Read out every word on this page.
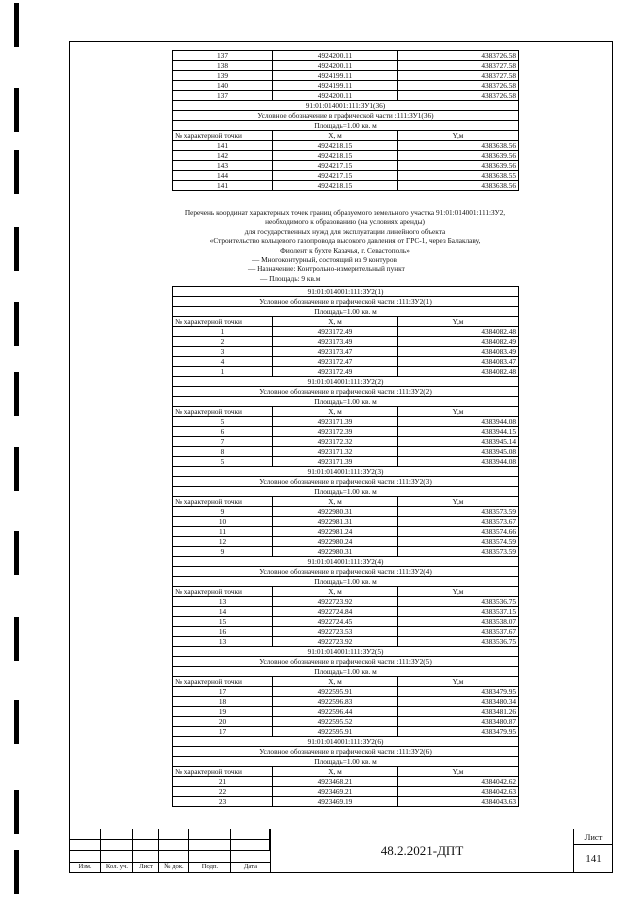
137	4924200.11	4383726.58
138	4924200.11	4383727.58
139	4924199.11	4383727.58
140	4924199.11	4383726.58
137	4924200.11	4383726.58
91:01:014001:111:ЗУ1(36)		
Условное обозначение в графической части :111:ЗУ1(36)		
Площадь=1.00 кв. м		
№ характерной точки	X, м	Y,м
141	4924218.15	4383638.56
142	4924218.15	4383639.56
143	4924217.15	4383639.56
144	4924217.15	4383638.55
141	4924218.15	4383638.56
Перечень координат характерных точек границ образуемого земельного участка 91:01:014001:111:ЗУ2,
необходимого к образованию (на условиях аренды)
для государственных нужд для эксплуатации линейного объекта
«Строительство кольцевого газопровода высокого давления от ГРС-1, через Балаклаву,
Фиолент к бухте Казачья, г. Севастополь»
— Многоконтурный, состоящий из 9 контуров
— Назначение: Контрольно-измерительный пункт
— Площадь: 9 кв.м
91:01:014001:111:ЗУ2(1)		
Условное обозначение в графической части :111:ЗУ2(1)		
Площадь=1.00 кв. м		
№ характерной точки	X, м	Y,м
1	4923172.49	4384082.48
2	4923173.49	4384082.49
3	4923173.47	4384083.49
4	4923172.47	4384083.47
1	4923172.49	4384082.48
91:01:014001:111:ЗУ2(2)		
Условное обозначение в графической части :111:ЗУ2(2)		
Площадь=1.00 кв. м		
№ характерной точки	X, м	Y,м
5	4923171.39	4383944.08
6	4923172.39	4383944.15
7	4923172.32	4383945.14
8	4923171.32	4383945.08
5	4923171.39	4383944.08
91:01:014001:111:ЗУ2(3)		
Условное обозначение в графической части :111:ЗУ2(3)		
Площадь=1.00 кв. м		
№ характерной точки	X, м	Y,м
9	4922980.31	4383573.59
10	4922981.31	4383573.67
11	4922981.24	4383574.66
12	4922980.24	4383574.59
9	4922980.31	4383573.59
91:01:014001:111:ЗУ2(4)		
Условное обозначение в графической части :111:ЗУ2(4)		
Площадь=1.00 кв. м		
№ характерной точки	X, м	Y,м
13	4922723.92	4383536.75
14	4922724.84	4383537.15
15	4922724.45	4383538.07
16	4922723.53	4383537.67
13	4922723.92	4383536.75
91:01:014001:111:ЗУ2(5)		
Условное обозначение в графической части :111:ЗУ2(5)		
Площадь=1.00 кв. м		
№ характерной точки	X, м	Y,м
17	4922595.91	4383479.95
18	4922596.83	4383480.34
19	4922596.44	4383481.26
20	4922595.52	4383480.87
17	4922595.91	4383479.95
91:01:014001:111:ЗУ2(6)		
Условное обозначение в графической части :111:ЗУ2(6)		
Площадь=1.00 кв. м		
№ характерной точки	X, м	Y,м
21	4923468.21	4384042.62
22	4923469.21	4384042.63
23	4923469.19	4384043.63
Изм.	Кол. уч.	Лист	№ док.	Подп.	Дата
48.2.2021-ДПТ
Лист
141
